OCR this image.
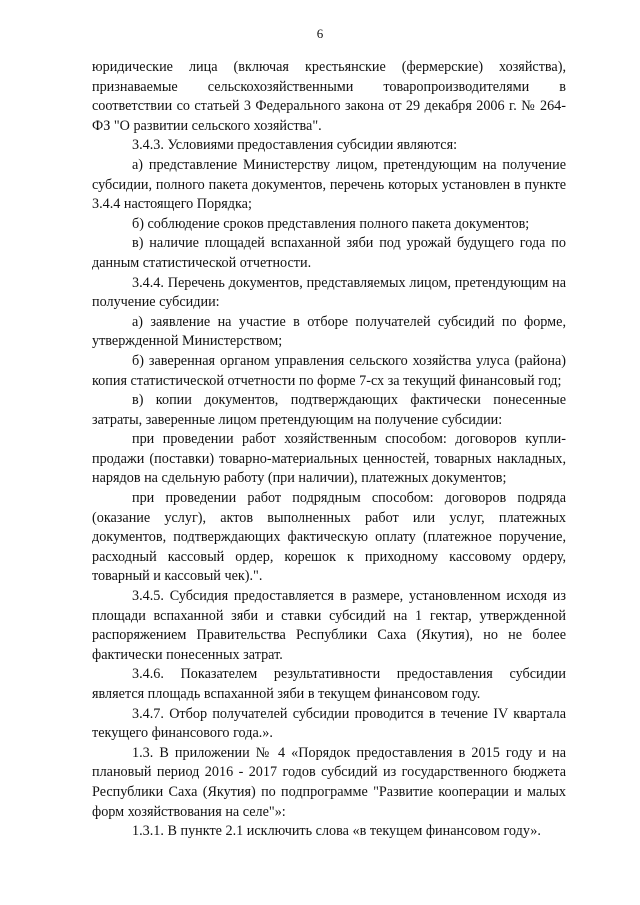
6

юридические лица (включая крестьянские (фермерские) хозяйства), признаваемые сельскохозяйственными товаропроизводителями в соответствии со статьей 3 Федерального закона от 29 декабря 2006 г. № 264-ФЗ "О развитии сельского хозяйства".

3.4.3. Условиями предоставления субсидии являются:

а) представление Министерству лицом, претендующим на получение субсидии, полного пакета документов, перечень которых установлен в пункте 3.4.4 настоящего Порядка;

б) соблюдение сроков представления полного пакета документов;

в) наличие площадей вспаханной зяби под урожай будущего года по данным статистической отчетности.

3.4.4. Перечень документов, представляемых лицом, претендующим на получение субсидии:

а) заявление на участие в отборе получателей субсидий по форме, утвержденной Министерством;

б) заверенная органом управления сельского хозяйства улуса (района) копия статистической отчетности по форме 7-сх за текущий финансовый год;

в) копии документов, подтверждающих фактически понесенные затраты, заверенные лицом претендующим на получение субсидии:

при проведении работ хозяйственным способом: договоров купли-продажи (поставки) товарно-материальных ценностей, товарных накладных, нарядов на сдельную работу (при наличии), платежных документов;

при проведении работ подрядным способом: договоров подряда (оказание услуг), актов выполненных работ или услуг, платежных документов, подтверждающих фактическую оплату (платежное поручение, расходный кассовый ордер, корешок к приходному кассовому ордеру, товарный и кассовый чек).".

3.4.5. Субсидия предоставляется в размере, установленном исходя из площади вспаханной зяби и ставки субсидий на 1 гектар, утвержденной распоряжением Правительства Республики Саха (Якутия), но не более фактически понесенных затрат.

3.4.6. Показателем результативности предоставления субсидии является площадь вспаханной зяби в текущем финансовом году.

3.4.7. Отбор получателей субсидии проводится в течение IV квартала текущего финансового года.».

1.3. В приложении № 4 «Порядок предоставления в 2015 году и на плановый период 2016 - 2017 годов субсидий из государственного бюджета Республики Саха (Якутия) по подпрограмме "Развитие кооперации и малых форм хозяйствования на селе"»:

1.3.1. В пункте 2.1 исключить слова «в текущем финансовом году».
